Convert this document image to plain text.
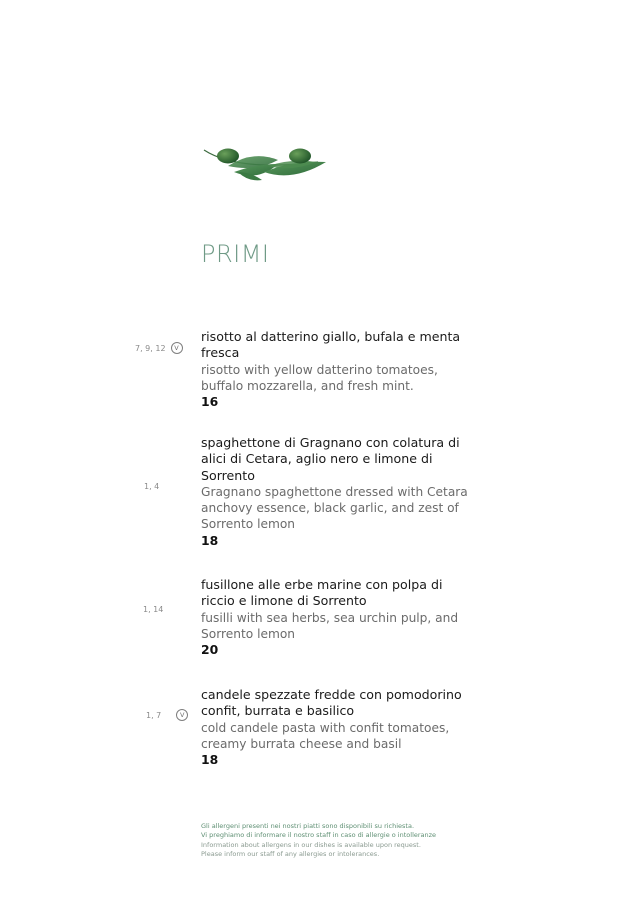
PRIMI
7, 9, 12	V

risotto al datterino giallo, bufala e menta fresca

risotto with yellow datterino tomatoes, buffalo mozzarella, and fresh mint.

16

1, 4

spaghettone di Gragnano con colatura di alici di Cetara, aglio nero e limone di Sorrento

Gragnano spaghettone dressed with Cetara anchovy essence, black garlic, and zest of Sorrento lemon

18

1, 14

fusillone alle erbe marine con polpa di riccio e limone di Sorrento

fusilli with sea herbs, sea urchin pulp, and Sorrento lemon

20

1, 7	V

candele spezzate fredde con pomodorino confit, burrata e basilico

cold candele pasta with confit tomatoes, creamy burrata cheese and basil

18

Gli allergeni presenti nei nostri piatti sono disponibili su richiesta.

Vi preghiamo di informare il nostro staff in caso di allergie o intolleranze

Information about allergens in our dishes is available upon request.

Please inform our staff of any allergies or intolerances.
